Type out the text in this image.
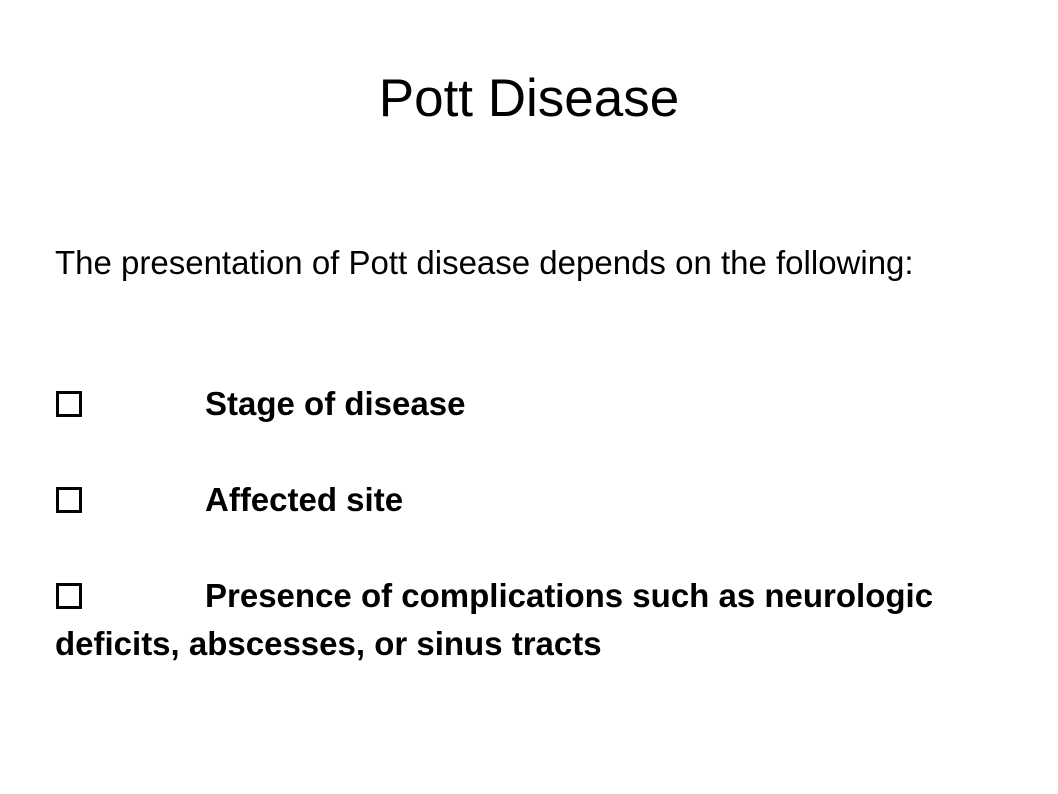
Pott Disease

The presentation of Pott disease depends on the following:

Stage of disease

Affected site

Presence of complications such as neurologic deficits, abscesses, or sinus tracts
